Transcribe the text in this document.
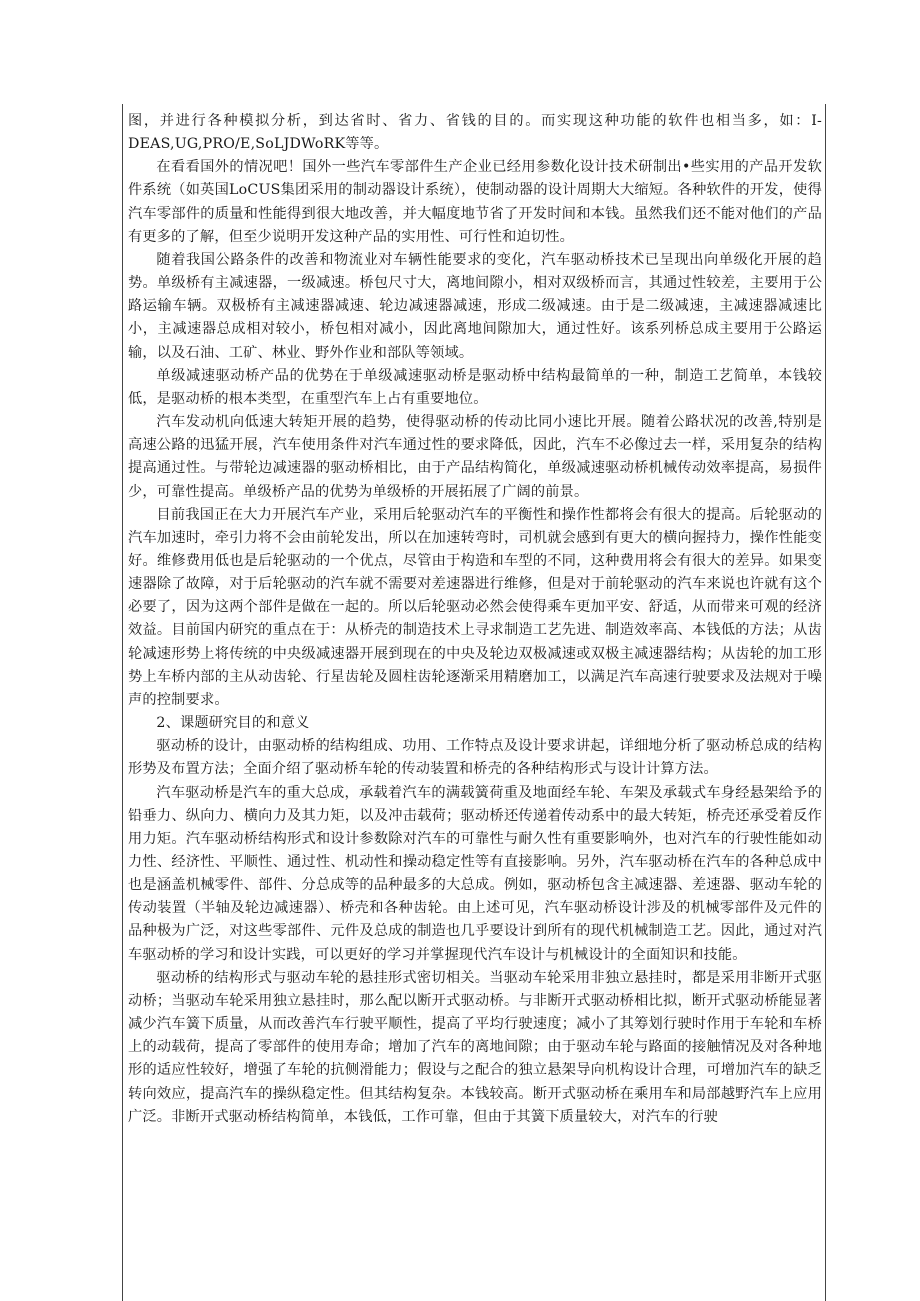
图，并进行各种模拟分析，到达省时、省力、省钱的目的。而实现这种功能的软件也相当多，如：I-DEAS,UG,PRO/E,SoLJDWoRK等等。

在看看国外的情况吧！国外一些汽车零部件生产企业已经用参数化设计技术研制出•些实用的产品开发软件系统（如英国LoCUS集团采用的制动器设计系统），使制动器的设计周期大大缩短。各种软件的开发，使得汽车零部件的质量和性能得到很大地改善，并大幅度地节省了开发时间和本钱。虽然我们还不能对他们的产品有更多的了解，但至少说明开发这种产品的实用性、可行性和迫切性。

随着我国公路条件的改善和物流业对车辆性能要求的变化，汽车驱动桥技术已呈现出向单级化开展的趋势。单级桥有主减速器，一级减速。桥包尺寸大，离地间隙小，相对双级桥而言，其通过性较差，主要用于公路运输车辆。双极桥有主减速器减速、轮边减速器减速，形成二级减速。由于是二级减速，主减速器减速比小，主减速器总成相对较小，桥包相对减小，因此离地间隙加大，通过性好。该系列桥总成主要用于公路运输，以及石油、工矿、林业、野外作业和部队等领域。

单级减速驱动桥产品的优势在于单级减速驱动桥是驱动桥中结构最简单的一种，制造工艺简单，本钱较低，是驱动桥的根本类型，在重型汽车上占有重要地位。

汽车发动机向低速大转矩开展的趋势，使得驱动桥的传动比同小速比开展。随着公路状况的改善,特别是高速公路的迅猛开展，汽车使用条件对汽车通过性的要求降低，因此，汽车不必像过去一样，采用复杂的结构提高通过性。与带轮边减速器的驱动桥相比，由于产品结构简化，单级减速驱动桥机械传动效率提高，易损件少，可靠性提高。单级桥产品的优势为单级桥的开展拓展了广阔的前景。

目前我国正在大力开展汽车产业，采用后轮驱动汽车的平衡性和操作性都将会有很大的提高。后轮驱动的汽车加速时，牵引力将不会由前轮发出，所以在加速转弯时，司机就会感到有更大的横向握持力，操作性能变好。维修费用低也是后轮驱动的一个优点，尽管由于构造和车型的不同，这种费用将会有很大的差异。如果变速器除了故障，对于后轮驱动的汽车就不需要对差速器进行维修，但是对于前轮驱动的汽车来说也许就有这个必要了，因为这两个部件是做在一起的。所以后轮驱动必然会使得乘车更加平安、舒适，从而带来可观的经济效益。目前国内研究的重点在于：从桥壳的制造技术上寻求制造工艺先进、制造效率高、本钱低的方法；从齿轮减速形势上将传统的中央级减速器开展到现在的中央及轮边双极减速或双极主减速器结构；从齿轮的加工形势上车桥内部的主从动齿轮、行星齿轮及圆柱齿轮逐渐采用精磨加工，以满足汽车高速行驶要求及法规对于噪声的控制要求。

2、课题研究目的和意义

驱动桥的设计，由驱动桥的结构组成、功用、工作特点及设计要求讲起，详细地分析了驱动桥总成的结构形势及布置方法；全面介绍了驱动桥车轮的传动装置和桥壳的各种结构形式与设计计算方法。

汽车驱动桥是汽车的重大总成，承载着汽车的满载簧荷重及地面经车轮、车架及承载式车身经悬架给予的铅垂力、纵向力、横向力及其力矩，以及冲击载荷；驱动桥还传递着传动系中的最大转矩，桥壳还承受着反作用力矩。汽车驱动桥结构形式和设计参数除对汽车的可靠性与耐久性有重要影响外，也对汽车的行驶性能如动力性、经济性、平顺性、通过性、机动性和操动稳定性等有直接影响。另外，汽车驱动桥在汽车的各种总成中也是涵盖机械零件、部件、分总成等的品种最多的大总成。例如，驱动桥包含主减速器、差速器、驱动车轮的传动装置（半轴及轮边减速器）、桥壳和各种齿轮。由上述可见，汽车驱动桥设计涉及的机械零部件及元件的品种极为广泛，对这些零部件、元件及总成的制造也几乎要设计到所有的现代机械制造工艺。因此，通过对汽车驱动桥的学习和设计实践，可以更好的学习并掌握现代汽车设计与机械设计的全面知识和技能。

驱动桥的结构形式与驱动车轮的悬挂形式密切相关。当驱动车轮采用非独立悬挂时，都是采用非断开式驱动桥；当驱动车轮采用独立悬挂时，那么配以断开式驱动桥。与非断开式驱动桥相比拟，断开式驱动桥能显著减少汽车簧下质量，从而改善汽车行驶平顺性，提高了平均行驶速度；减小了其筹划行驶时作用于车轮和车桥上的动载荷，提高了零部件的使用寿命；增加了汽车的离地间隙；由于驱动车轮与路面的接触情况及对各种地形的适应性较好，增强了车轮的抗侧滑能力；假设与之配合的独立悬架导向机构设计合理，可增加汽车的缺乏转向效应，提高汽车的操纵稳定性。但其结构复杂。本钱较高。断开式驱动桥在乘用车和局部越野汽车上应用广泛。非断开式驱动桥结构简单，本钱低，工作可靠，但由于其簧下质量较大，对汽车的行驶
